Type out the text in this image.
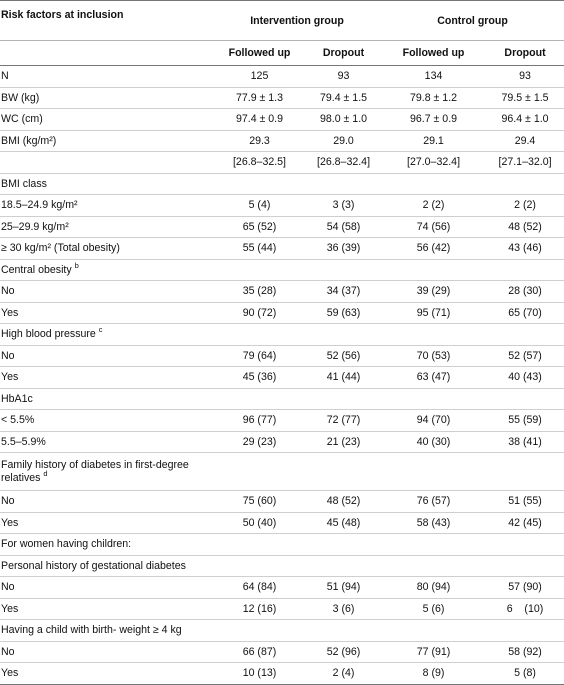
Risk factors at inclusion	Intervention group		Control group	
	Followed up	Dropout	Followed up	Dropout
N	125	93	134	93
BW (kg)	77.9 ± 1.3	79.4 ± 1.5	79.8 ± 1.2	79.5 ± 1.5
WC (cm)	97.4 ± 0.9	98.0 ± 1.0	96.7 ± 0.9	96.4 ± 1.0
BMI (kg/m²)	29.3	29.0	29.1	29.4
	[26.8–32.5]	[26.8–32.4]	[27.0–32.4]	[27.1–32.0]
BMI class				
18.5–24.9 kg/m²	5 (4)	3 (3)	2 (2)	2 (2)
25–29.9 kg/m²	65 (52)	54 (58)	74 (56)	48 (52)
≥ 30 kg/m² (Total obesity)	55 (44)	36 (39)	56 (42)	43 (46)
Central obesity $^b$				
No	35 (28)	34 (37)	39 (29)	28 (30)
Yes	90 (72)	59 (63)	95 (71)	65 (70)
High blood pressure $^c$				
No	79 (64)	52 (56)	70 (53)	52 (57)
Yes	45 (36)	41 (44)	63 (47)	40 (43)
HbA1c				
< 5.5%	96 (77)	72 (77)	94 (70)	55 (59)
5.5–5.9%	29 (23)	21 (23)	40 (30)	38 (41)
Family history of diabetes in first-degree relatives $^d$				
No	75 (60)	48 (52)	76 (57)	51 (55)
Yes	50 (40)	45 (48)	58 (43)	42 (45)
For women having children:				
Personal history of gestational diabetes				
No	64 (84)	51 (94)	80 (94)	57 (90)
Yes	12 (16)	3 (6)	5 (6)	6    (10)
Having a child with birth- weight ≥ 4 kg				
No	66 (87)	52 (96)	77 (91)	58 (92)
Yes	10 (13)	2 (4)	8 (9)	5 (8)
